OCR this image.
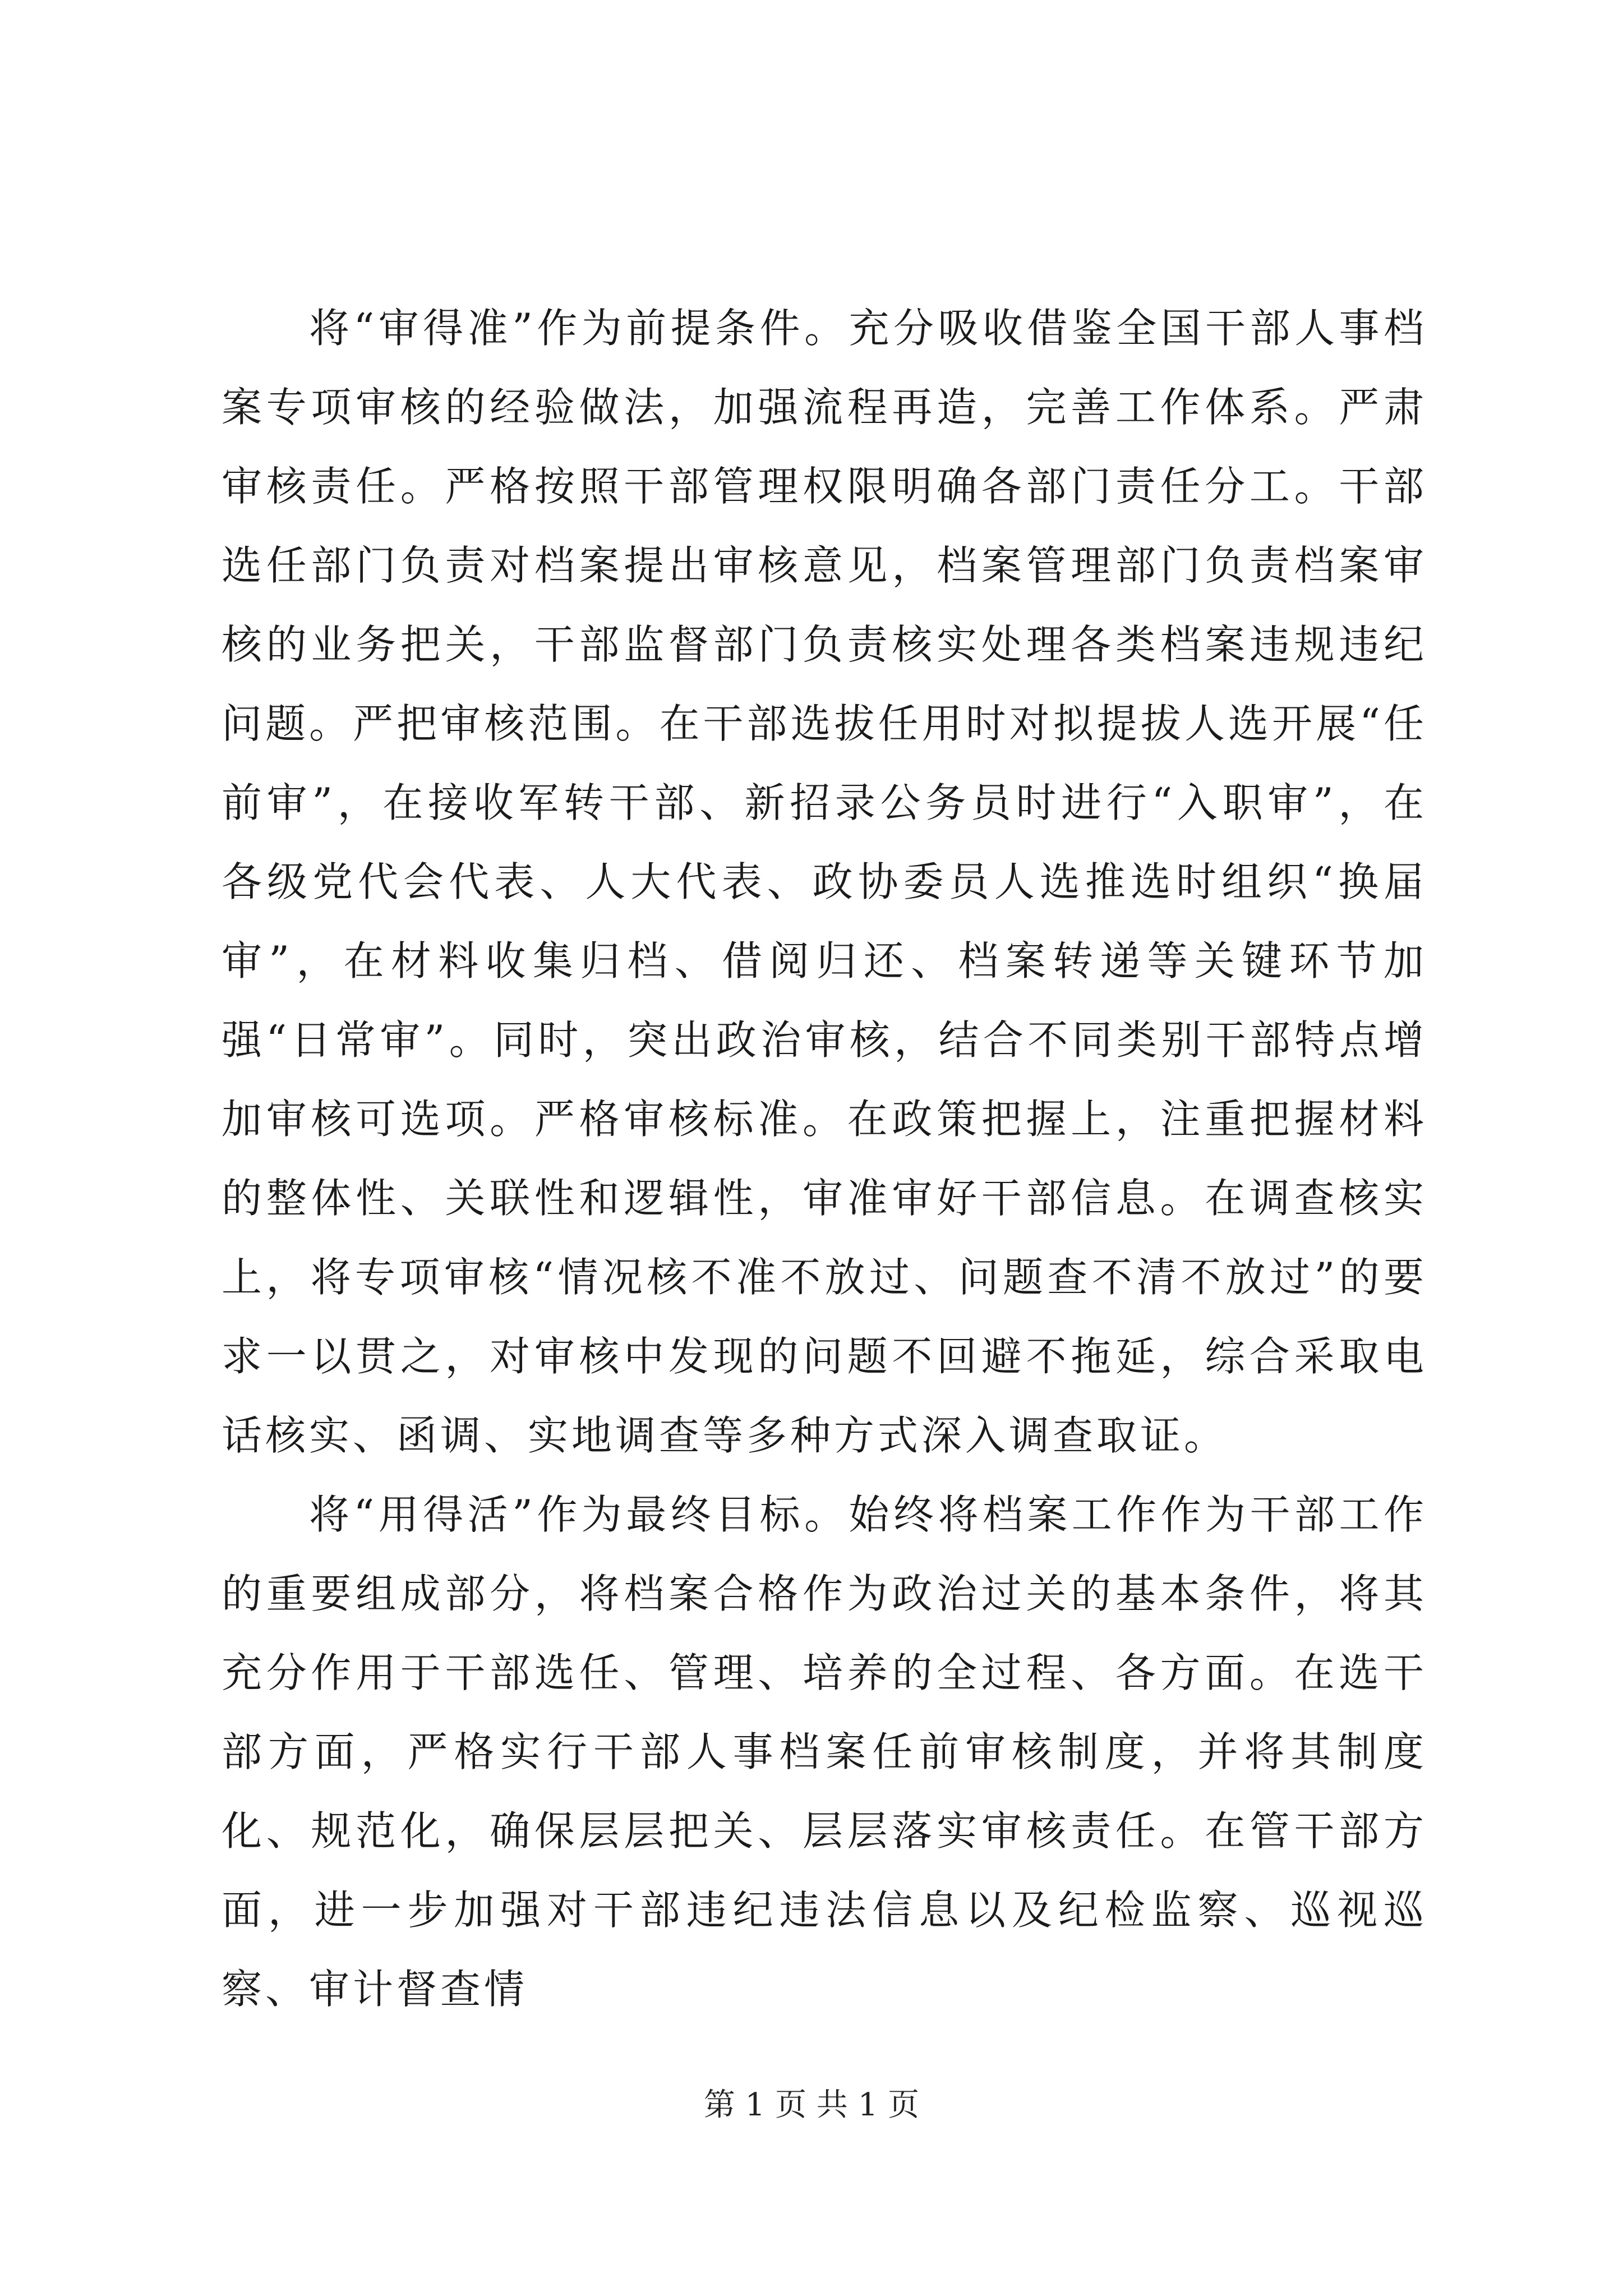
将“审得准”作为前提条件。充分吸收借鉴全国干部人事档案专项审核的经验做法，加强流程再造，完善工作体系。严肃审核责任。严格按照干部管理权限明确各部门责任分工。干部选任部门负责对档案提出审核意见，档案管理部门负责档案审核的业务把关，干部监督部门负责核实处理各类档案违规违纪问题。严把审核范围。在干部选拔任用时对拟提拔人选开展“任前审”，在接收军转干部、新招录公务员时进行“入职审”，在各级党代会代表、人大代表、政协委员人选推选时组织“换届审”，在材料收集归档、借阅归还、档案转递等关键环节加强“日常审”。同时，突出政治审核，结合不同类别干部特点增加审核可选项。严格审核标准。在政策把握上，注重把握材料的整体性、关联性和逻辑性，审准审好干部信息。在调查核实上，将专项审核“情况核不准不放过、问题查不清不放过”的要求一以贯之，对审核中发现的问题不回避不拖延，综合采取电话核实、函调、实地调查等多种方式深入调查取证。

将“用得活”作为最终目标。始终将档案工作作为干部工作的重要组成部分，将档案合格作为政治过关的基本条件，将其充分作用于干部选任、管理、培养的全过程、各方面。在选干部方面，严格实行干部人事档案任前审核制度，并将其制度化、规范化，确保层层把关、层层落实审核责任。在管干部方面，进一步加强对干部违纪违法信息以及纪检监察、巡视巡察、审计督查情

第 1 页 共 1 页
